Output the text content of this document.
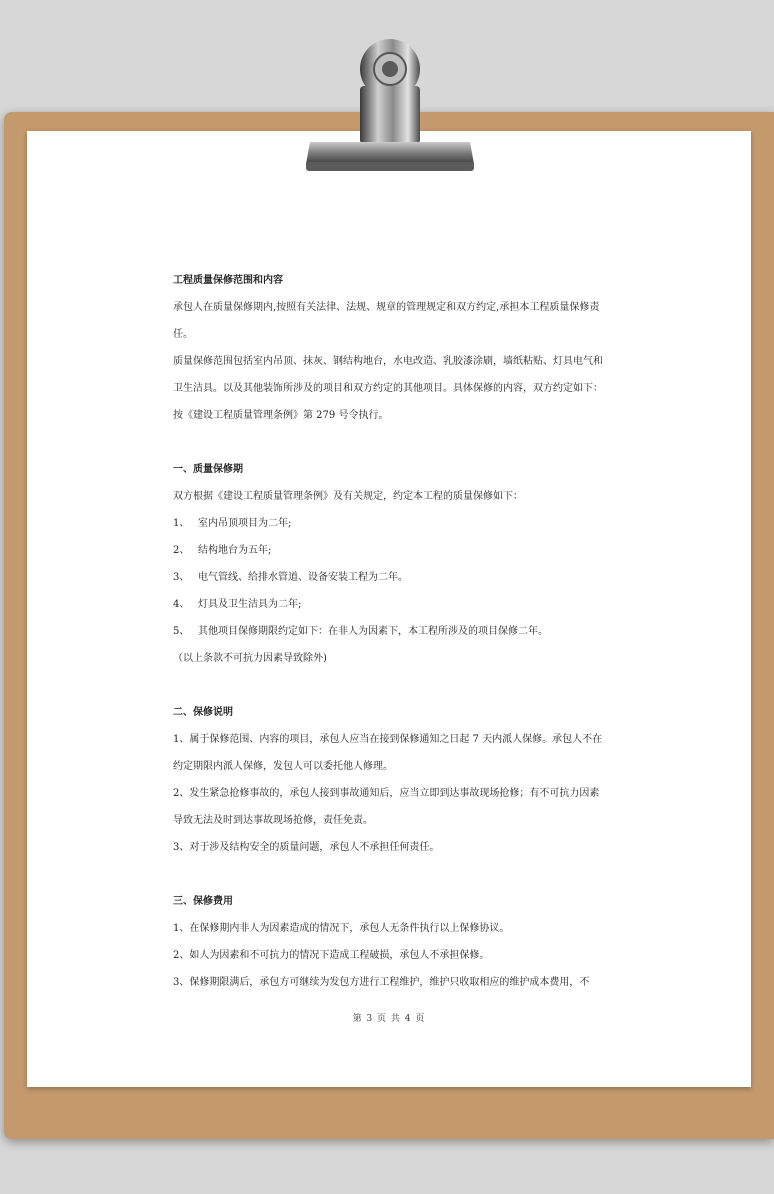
工程质量保修范围和内容
承包人在质量保修期内,按照有关法律、法规、规章的管理规定和双方约定,承担本工程质量保修责任。
质量保修范围包括室内吊顶、抹灰、钢结构地台，水电改造、乳胶漆涂刷，墙纸粘贴、灯具电气和卫生洁具。以及其他装饰所涉及的项目和双方约定的其他项目。具体保修的内容，双方约定如下：按《建设工程质量管理条例》第 279 号令执行。
一、质量保修期
双方根据《建设工程质量管理条例》及有关规定，约定本工程的质量保修如下：
1、 室内吊顶项目为二年;
2、 结构地台为五年;
3、 电气管线、给排水管道、设备安装工程为二年。
4、 灯具及卫生洁具为二年;
5、 其他项目保修期限约定如下：在非人为因素下，本工程所涉及的项目保修二年。
（以上条款不可抗力因素导致除外)
二、保修说明
1、属于保修范围、内容的项目，承包人应当在接到保修通知之日起 7 天内派人保修。承包人不在约定期限内派人保修，发包人可以委托他人修理。
2、发生紧急抢修事故的，承包人接到事故通知后，应当立即到达事故现场抢修；有不可抗力因素导致无法及时到达事故现场抢修，责任免责。
3、对于涉及结构安全的质量问题，承包人不承担任何责任。
三、保修费用
1、在保修期内非人为因素造成的情况下，承包人无条件执行以上保修协议。
2、如人为因素和不可抗力的情况下造成工程破损，承包人不承担保修。
3、保修期限满后，承包方可继续为发包方进行工程维护，维护只收取相应的维护成本费用，不
第 3 页 共 4 页
